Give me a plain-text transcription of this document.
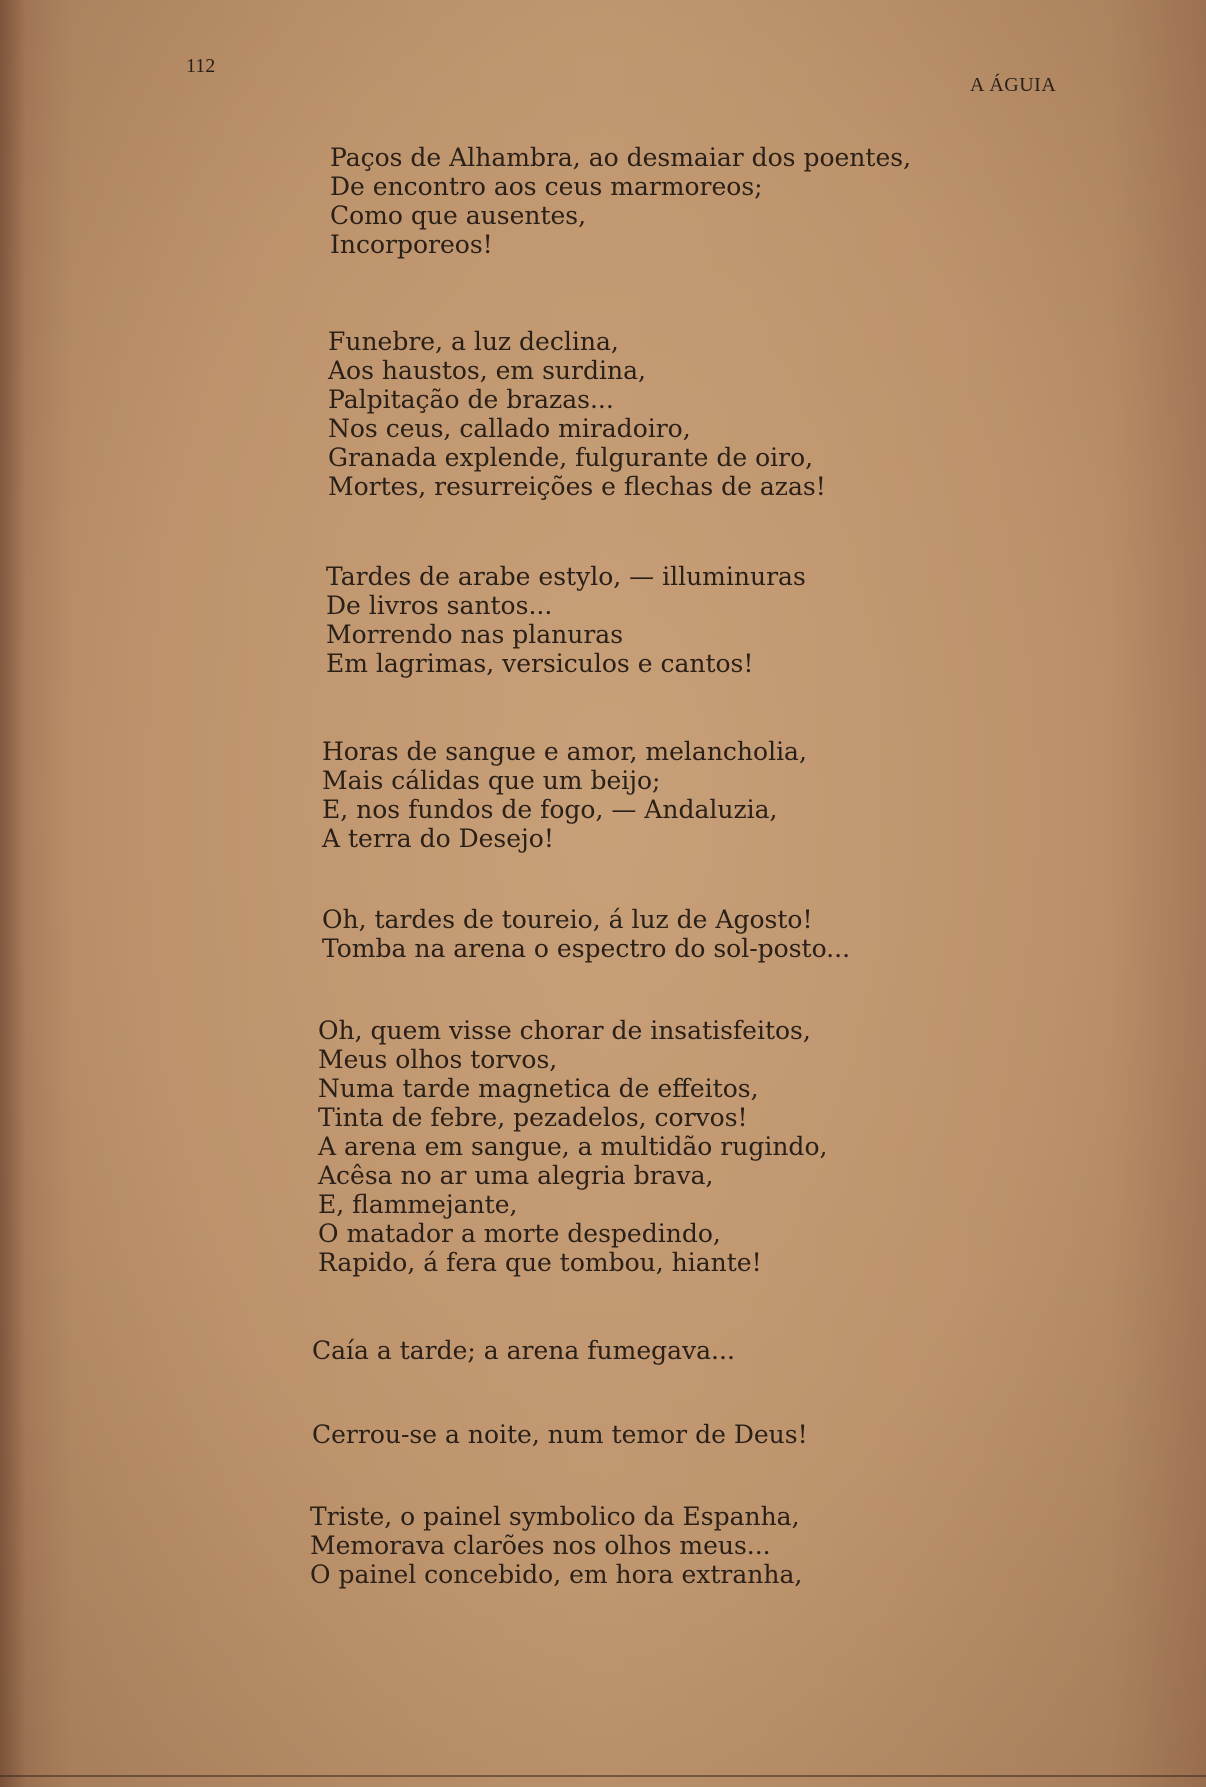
112
A ÁGUIA
Paços de Alhambra, ao desmaiar dos poentes,
De encontro aos ceus marmoreos;
Como que ausentes,
Incorporeos!
Funebre, a luz declina,
Aos haustos, em surdina,
Palpitação de brazas...
Nos ceus, callado miradoiro,
Granada explende, fulgurante de oiro,
Mortes, resurreições e flechas de azas!
Tardes de arabe estylo, — illuminuras
De livros santos...
Morrendo nas planuras
Em lagrimas, versiculos e cantos!
Horas de sangue e amor, melancholia,
Mais cálidas que um beijo;
E, nos fundos de fogo, — Andaluzia,
A terra do Desejo!
Oh, tardes de toureio, á luz de Agosto!
Tomba na arena o espectro do sol-posto...
Oh, quem visse chorar de insatisfeitos,
Meus olhos torvos,
Numa tarde magnetica de effeitos,
Tinta de febre, pezadelos, corvos!
A arena em sangue, a multidão rugindo,
Acêsa no ar uma alegria brava,
E, flammejante,
O matador a morte despedindo,
Rapido, á fera que tombou, hiante!
Caía a tarde; a arena fumegava...
Cerrou-se a noite, num temor de Deus!
Triste, o painel symbolico da Espanha,
Memorava clarões nos olhos meus...
O painel concebido, em hora extranha,
